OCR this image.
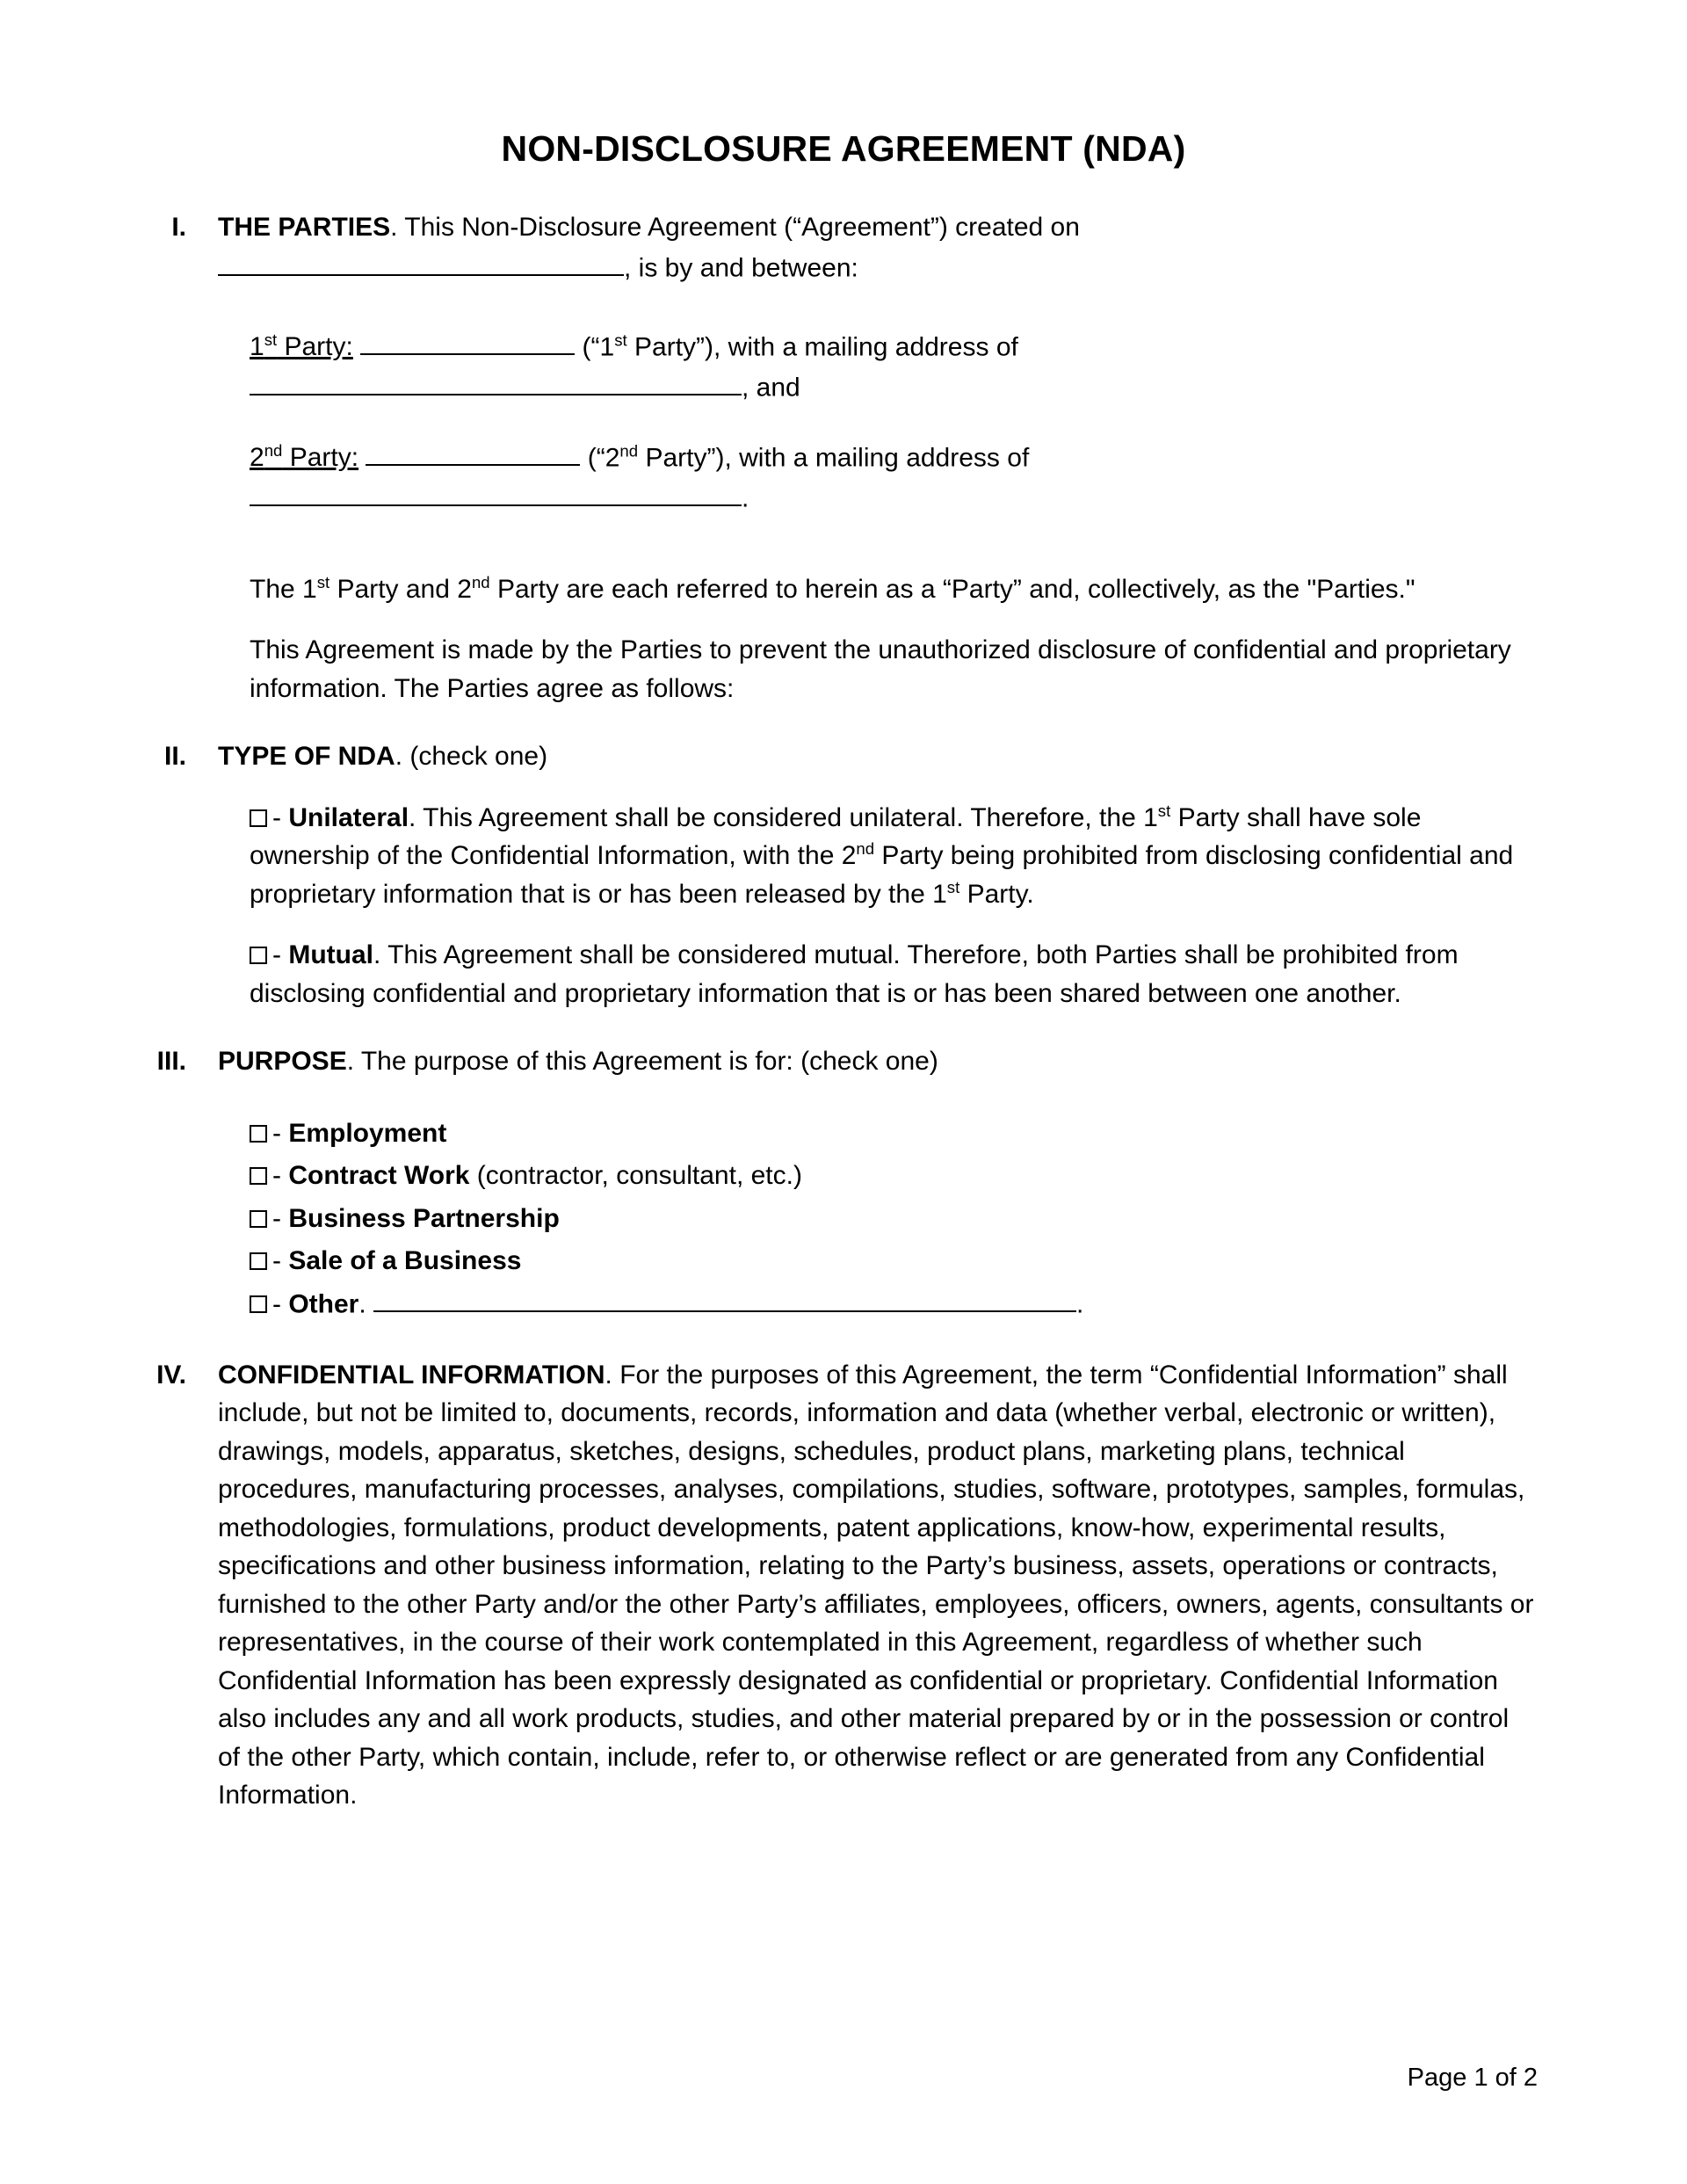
NON-DISCLOSURE AGREEMENT (NDA)
I.	THE PARTIES. This Non-Disclosure Agreement (“Agreement”) created on
, is by and between:
1st Party:	(“1st Party”), with a mailing address of
, and
2nd Party:	(“2nd Party”), with a mailing address of
.
The 1st Party and 2nd Party are each referred to herein as a “Party” and, collectively, as the "Parties."
This Agreement is made by the Parties to prevent the unauthorized disclosure of confidential and proprietary information. The Parties agree as follows:
II.	TYPE OF NDA. (check one)
- Unilateral. This Agreement shall be considered unilateral. Therefore, the 1st Party shall have sole ownership of the Confidential Information, with the 2nd Party being prohibited from disclosing confidential and proprietary information that is or has been released by the 1st Party.
- Mutual. This Agreement shall be considered mutual. Therefore, both Parties shall be prohibited from disclosing confidential and proprietary information that is or has been shared between one another.
III.	PURPOSE. The purpose of this Agreement is for: (check one)
- Employment
- Contract Work (contractor, consultant, etc.)
- Business Partnership
- Sale of a Business
- Other.	.
IV.	CONFIDENTIAL INFORMATION. For the purposes of this Agreement, the term “Confidential Information” shall include, but not be limited to, documents, records, information and data (whether verbal, electronic or written), drawings, models, apparatus, sketches, designs, schedules, product plans, marketing plans, technical procedures, manufacturing processes, analyses, compilations, studies, software, prototypes, samples, formulas, methodologies, formulations, product developments, patent applications, know-how, experimental results, specifications and other business information, relating to the Party’s business, assets, operations or contracts, furnished to the other Party and/or the other Party’s affiliates, employees, officers, owners, agents, consultants or representatives, in the course of their work contemplated in this Agreement, regardless of whether such Confidential Information has been expressly designated as confidential or proprietary. Confidential Information also includes any and all work products, studies, and other material prepared by or in the possession or control of the other Party, which contain, include, refer to, or otherwise reflect or are generated from any Confidential Information.
Page 1 of 2
